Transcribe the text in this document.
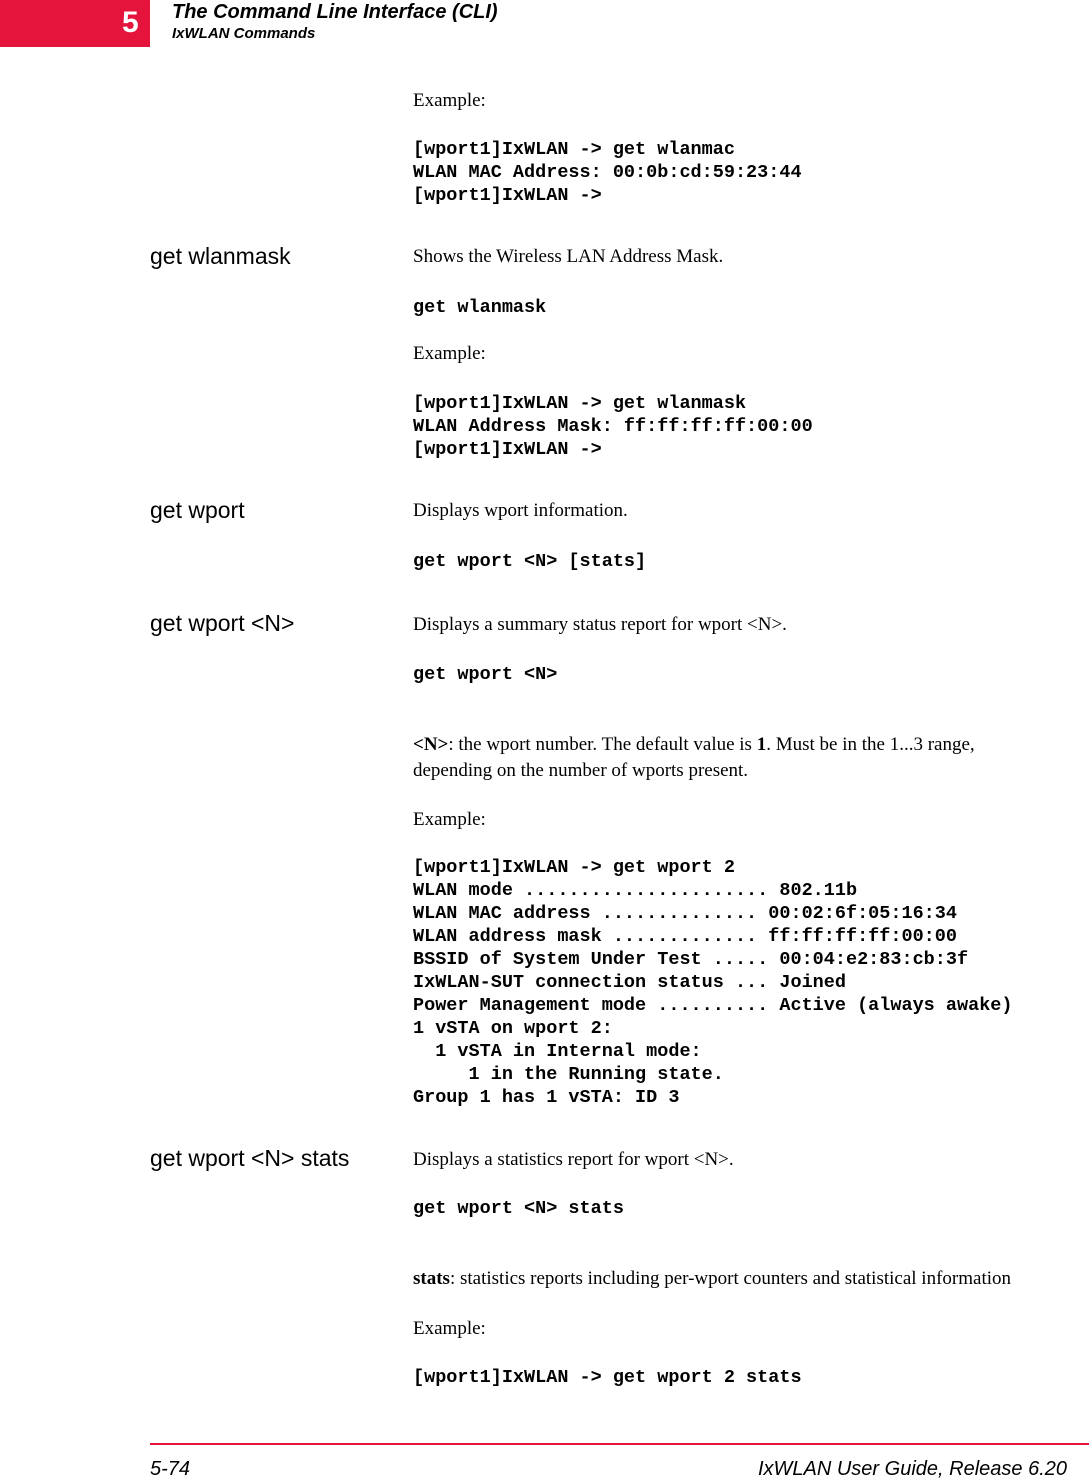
5 The Command Line Interface (CLI)
IxWLAN Commands
Example:
[wport1]IxWLAN -> get wlanmac
WLAN MAC Address: 00:0b:cd:59:23:44
[wport1]IxWLAN ->
get wlanmask	Shows the Wireless LAN Address Mask.
get wlanmask
Example:
[wport1]IxWLAN -> get wlanmask
WLAN Address Mask: ff:ff:ff:ff:00:00
[wport1]IxWLAN ->
get wport	Displays wport information.
get wport <N> [stats]
get wport <N>	Displays a summary status report for wport <N>.
get wport <N>
<N>: the wport number. The default value is 1. Must be in the 1...3 range,
depending on the number of wports present.
Example:
[wport1]IxWLAN -> get wport 2
WLAN mode ...................... 802.11b
WLAN MAC address .............. 00:02:6f:05:16:34
WLAN address mask ............. ff:ff:ff:ff:00:00
BSSID of System Under Test ..... 00:04:e2:83:cb:3f
IxWLAN-SUT connection status ... Joined
Power Management mode .......... Active (always awake)
1 vSTA on wport 2:
1 vSTA in Internal mode:
1 in the Running state.
Group 1 has 1 vSTA: ID 3
get wport <N> stats	Displays a statistics report for wport <N>.
get wport <N> stats
stats: statistics reports including per-wport counters and statistical information
Example:
[wport1]IxWLAN -> get wport 2 stats
5-74	IxWLAN User Guide, Release 6.20
